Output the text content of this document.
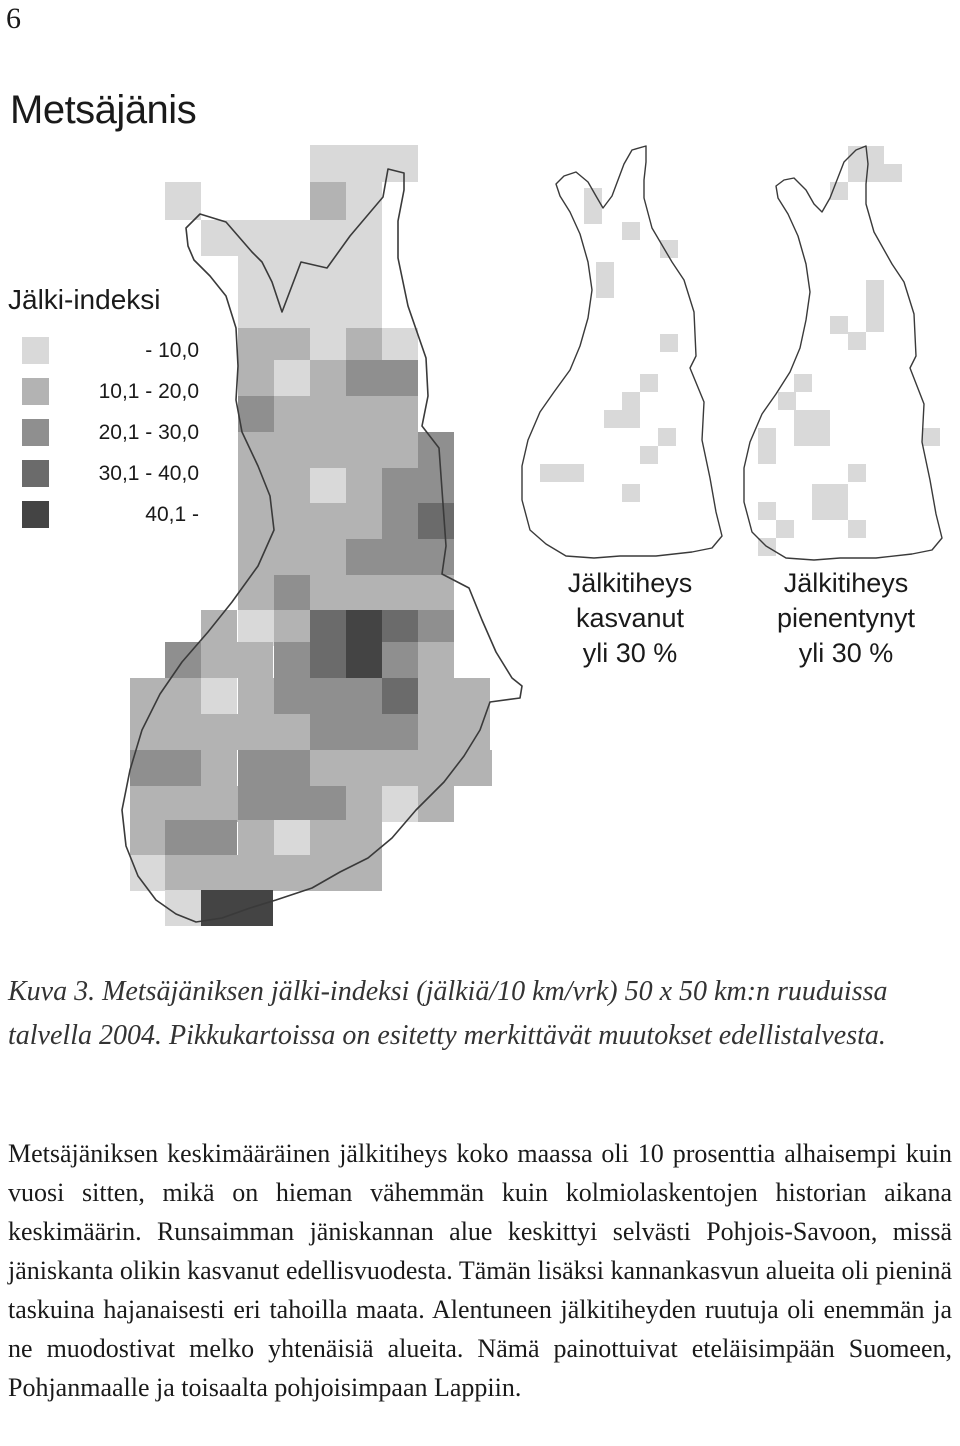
6
Metsäjänis
Jälki-indeksi
- 10,0
10,1 - 20,0
20,1 - 30,0
30,1 - 40,0
40,1 -
Jälkitiheys
kasvanut
yli 30 %
Jälkitiheys
pienentynyt
yli 30 %
Kuva 3. Metsäjäniksen jälki-indeksi (jälkiä/10 km/vrk) 50 x 50 km:n ruuduissa talvella 2004. Pikkukartoissa on esitetty merkittävät muutokset edellistalvesta.
Metsäjäniksen keskimääräinen jälkitiheys koko maassa oli 10 prosenttia alhaisempi kuin vuosi sitten, mikä on hieman vähemmän kuin kolmiolaskentojen historian aikana keskimäärin. Runsaimman jäniskannan alue keskittyi selvästi Pohjois-Savoon, missä jäniskanta olikin kasvanut edellisvuodesta. Tämän lisäksi kannankasvun alueita oli pieninä taskuina hajanaisesti eri tahoilla maata. Alentuneen jälkitiheyden ruutuja oli enemmän ja ne muodostivat melko yhtenäisiä alueita. Nämä painottuivat eteläisimpään Suomeen, Pohjanmaalle ja toisaalta pohjoisimpaan Lappiin.
